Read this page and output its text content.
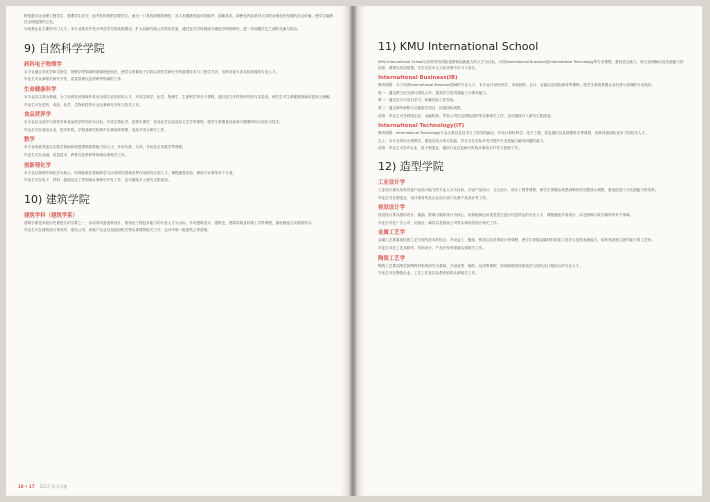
特别是对企业理工程学生，需要学生在安、但并非传统的学校学生，而为一门具有深厚的理性，对人类健康发起可持续并、创新技术、即使在内容是对大学的全球竞争发展的社会价值，使学生能够在全球范围内立足。

为培养企业主要的专门人才，本专业要求并充分考虑学生的实际情况，扩大以研究和公共的实验室，通过在开学时阅读与理论学科的研究，进一步加强学生之间的交流与结合。

9) 自然科学学院
药科电子物理学

本专业通过对化学和生物学、物理学等领域的基础理论知识，使学生掌握电子学院以及医学研究中的重要技术与工程学方法，培养具备专业实验技能的专业人才。

毕业生可从事相关研究开发、质量管理以及科研等领域的工作。

生命健康科学

本专业以生命为基础，为了培养在该领域中具有全面专业知识的人才，开设生物学、化学、物理学、生命科学等多个课程，通过设立多样的研究所与实验室，使学生对生命健康领域有更深入理解。

毕业生可在医药、食品、化学、生物科技等行业从事研究开发与技术工作。

食品营养学

本专业以全面学习营养学和食品科学的知识为目标，开设生物化学、营养生理学、食品化学以及食品卫生学等课程，使学生掌握食品营养与健康的综合知识与技术。

毕业生可在食品企业、医疗机构、学校及研究机构中从事营养管理、食品开发与研究工作。

数学

本专业培养具备扎实数学基础和较强逻辑思维能力的人才，开设代数、几何、分析及应用数学等课程。

毕业生可在金融、信息技术、教育以及科研等领域从事相关工作。

创新理化学

本专业以物理学和化学为核心，培养能够在基础科学与应用研究领域发挥作用的综合型人才，课程涵盖实验、理论与计算等多个方面。

毕业生可在电子、材料、能源及化工等领域从事研究开发工作，也可继续升入研究生院深造。

10) 建筑学院
建筑学科（建筑学系）

建筑学系是本校历史最悠久的学系之一，以培养具备建筑设计、规划及工程技术能力的专业人才为目标，开设建筑设计、建筑史、建筑结构及环境工学等课程，重视理论与实践的结合。

毕业生可在建筑设计事务所、建设公司、房地产企业以及政府机关等从事建筑相关工作，也可考取一级建筑士等资格。

10 • 17 2017 留学天地
11) KMU International School

KMU International School以培养具有国际视野和创新能力的人才为目标，开设International Business及International Technology等专业课程，重视语言能力、跨文化理解以及实践能力的培养，课程以英语授课，学生可在多元文化环境中学习与成长。

International Business(IB)

教育课程：为了培养International Business领域的专业人才，本专业开设经营学、市场营销、会计、金融以及国际商务等课程，使学生系统掌握企业经营与管理的专业知识。

第一：通过跨文化交流与团队合作，提高学生的沟通能力与领导能力。

第二：通过实习与项目学习，积累实际工作经验。

第三：通过海外研修与交换留学项目，拓展国际视野。

前景：毕业生可在跨国企业、金融机构、贸易公司以及国际组织等从事相关工作，也可继续升入研究生院深造。

International Technology(IT)

教育课程：International Technology专业注重信息技术与工程学的融合，开设计算机科学、电子工程、信息通信以及数据科学等课程，培养具备国际竞争力的技术人才。

以上：本专业采用小班教学，重视实验与项目实践，学生可在实际开发中提升专业技能与解决问题的能力。

前景：毕业生可在IT企业、电子制造业、通信行业以及研究机构从事技术开发与管理工作。

12) 造型学院
工业设计学

工业设计系以培养具备产品设计能力的专业人才为目标，开设产品设计、交互设计、设计工程等课程，使学生掌握从构思到制作的完整设计流程，重视创造力与实践能力的培养。

毕业生可在制造业、设计事务所及企业设计部门从事产品设计等工作。

视觉设计学

视觉设计系以图形设计、插画、影像与媒体设计为核心，培养能够运用视觉语言进行信息传达的专业人才，课程涵盖平面设计、动态图像与数字媒体等多个领域。

毕业生可在广告公司、出版社、媒体以及游戏公司等从事视觉设计相关工作。

金属工艺学

金属工艺系重视传统工艺与现代技术的结合，开设金工、锻造、铸造以及首饰设计等课程，使学生掌握金属材料的加工技法与造型表现能力，培养具备独立创作能力的工艺家。

毕业生可在工艺品制作、首饰设计、产品开发等领域从事相关工作。

陶瓷工艺学

陶瓷工艺系以陶艺和陶瓷材料的研究为基础，开设成型、釉药、烧成等课程，培养能够将传统技法与现代设计相结合的专业人才。

毕业生可在陶瓷企业、工艺工作室以及教育机构从事相关工作。
